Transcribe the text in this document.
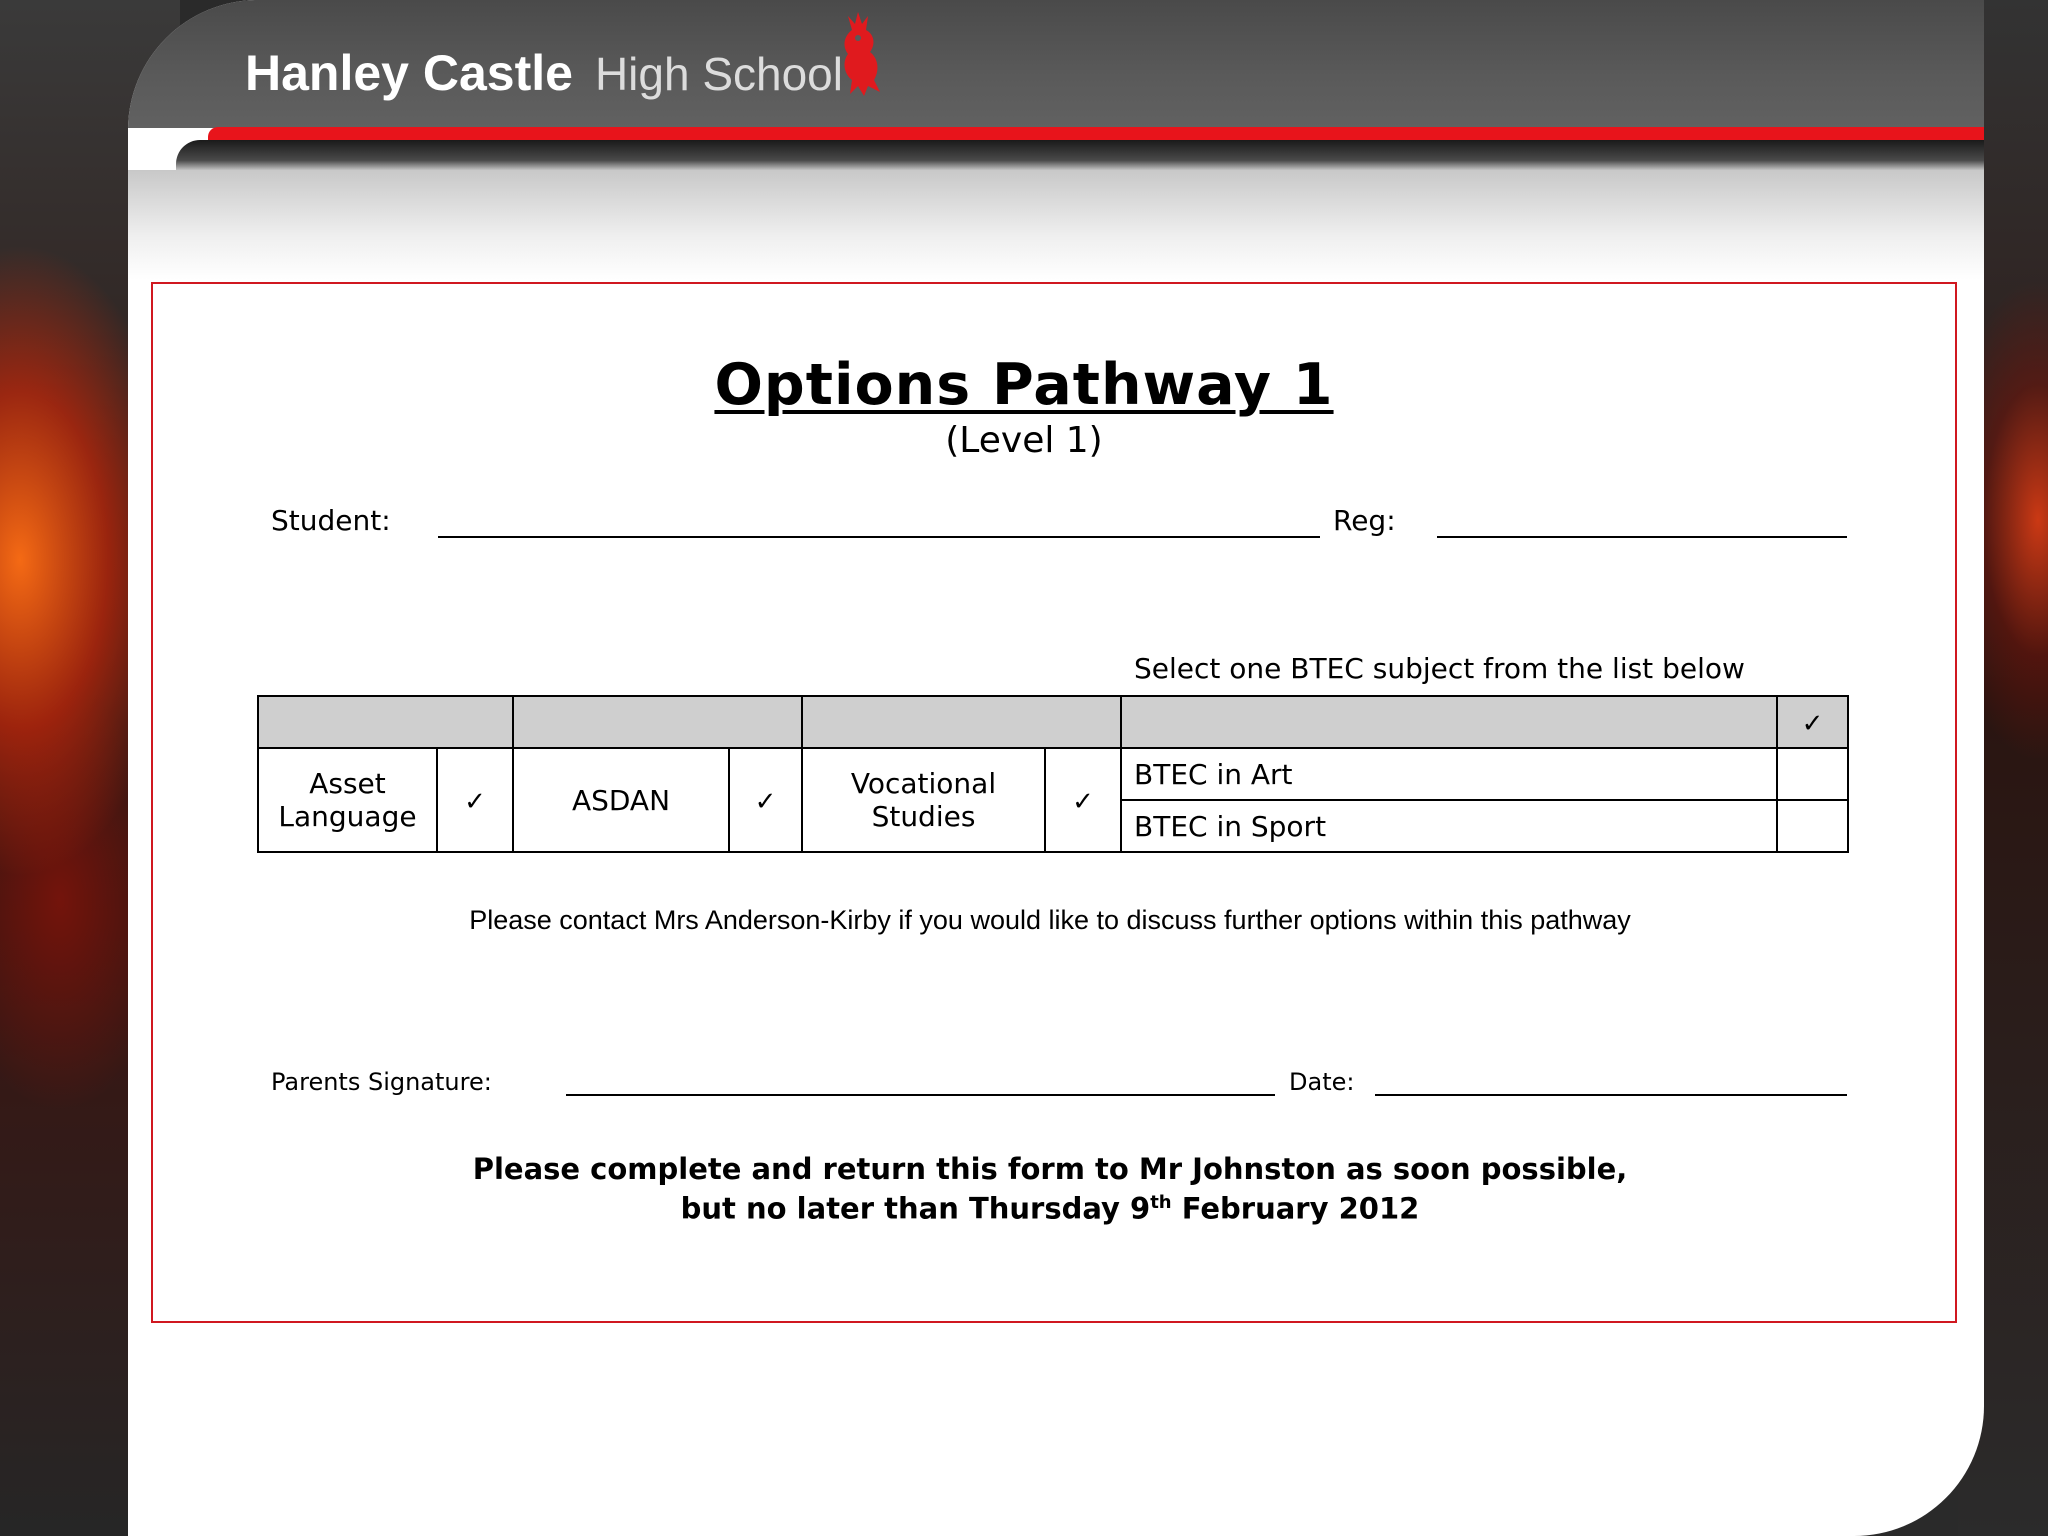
Hanley Castle High School
Options Pathway 1
(Level 1)
Student:	Reg:
Select one BTEC subject from the list below
							✓
Asset Language	✓	ASDAN	✓	Vocational Studies	✓	BTEC in Art	
						BTEC in Sport	
Please contact Mrs Anderson-Kirby if you would like to discuss further options within this pathway
Parents Signature:	Date:
Please complete and return this form to Mr Johnston as soon possible,
but no later than Thursday 9th February 2012
